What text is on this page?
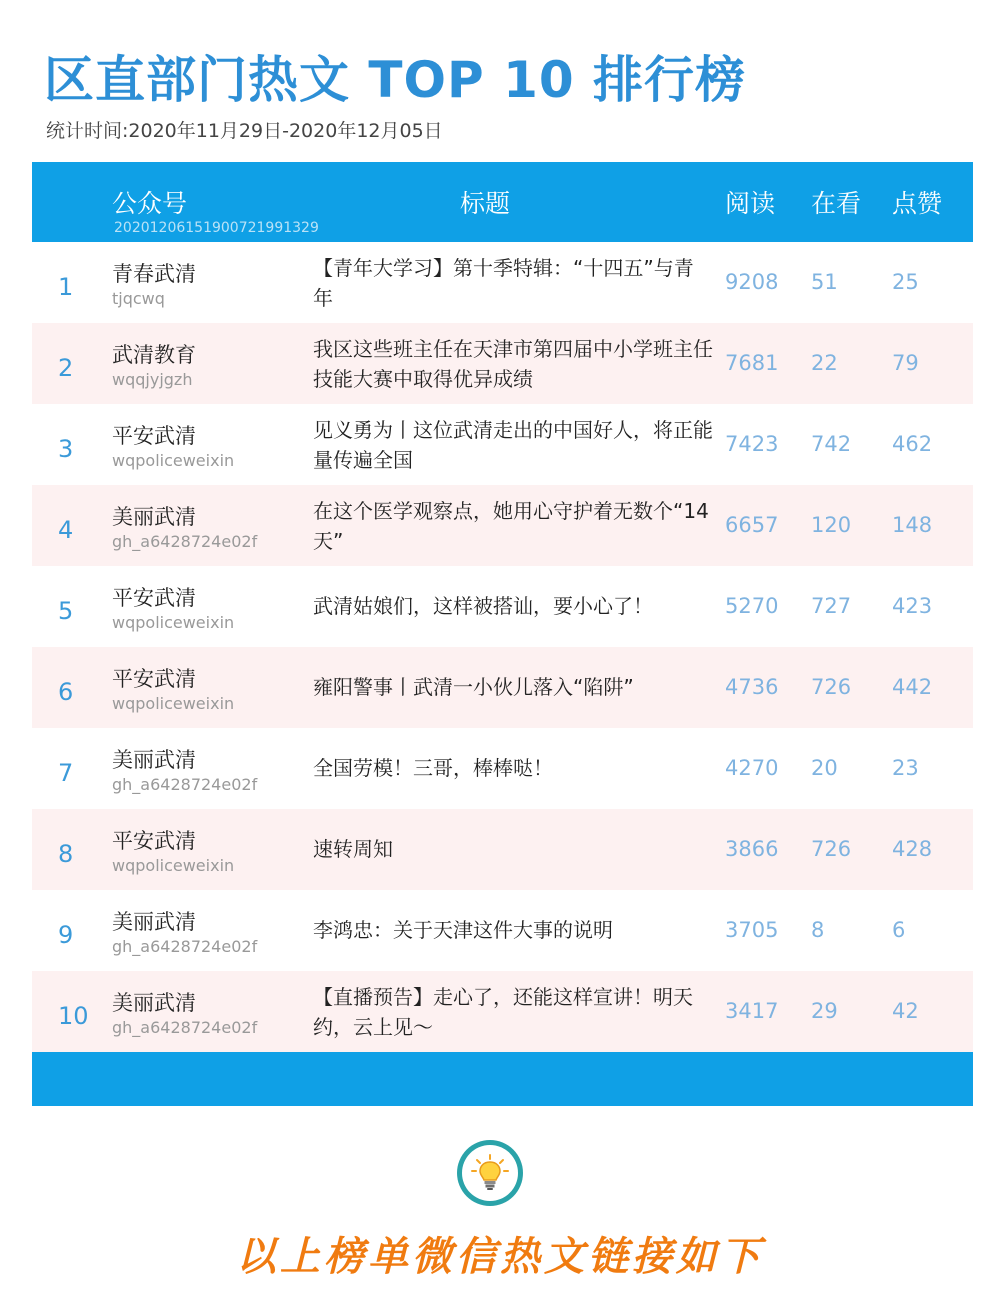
区直部门热文 TOP 10 排行榜
统计时间:2020年11月29日-2020年12月05日
公众号	标题	阅读 在看 点赞
20201206151900721991329
1 青春武清
tjqcwq
【青年大学习】第十季特辑：“十四五”与青年
9208 51	25
2 武清教育
wqqjyjgzh
我区这些班主任在天津市第四届中小学班主任技能大赛中取得优异成绩
7681 22	79
3 平安武清
wqpoliceweixin
见义勇为丨这位武清走出的中国好人，将正能量传遍全国
7423 742 462
4 美丽武清
gh_a6428724e02f
在这个医学观察点，她用心守护着无数个“14天”
6657 120 148
5 平安武清
wqpoliceweixin
武清姑娘们，这样被搭讪，要小心了！	5270 727 423
6 平安武清
wqpoliceweixin
雍阳警事丨武清一小伙儿落入“陷阱”	4736 726 442
7 美丽武清
gh_a6428724e02f
全国劳模！三哥，棒棒哒！	4270 20	23
8 平安武清
wqpoliceweixin
速转周知	3866 726 428
9 美丽武清
gh_a6428724e02f
李鸿忠：关于天津这件大事的说明	3705 8	6
10 美丽武清
gh_a6428724e02f
【直播预告】走心了，还能这样宣讲！明天约，云上见～
3417 29	42
以上榜单微信热文链接如下
